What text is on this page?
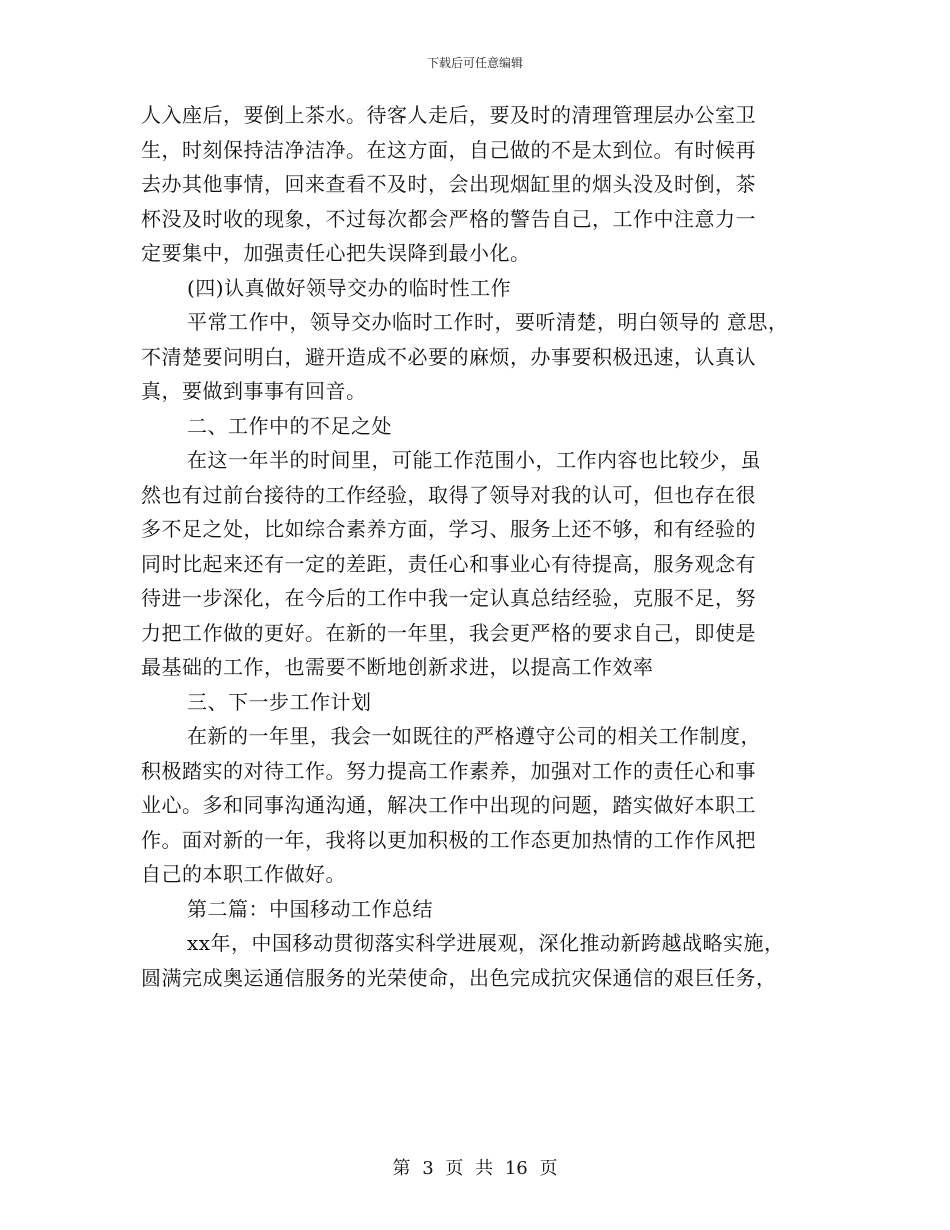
下载后可任意编辑
人入座后，要倒上茶水。待客人走后，要及时的清理管理层办公室卫
生，时刻保持洁净洁净。在这方面，自己做的不是太到位。有时候再
去办其他事情，回来查看不及时，会出现烟缸里的烟头没及时倒，茶
杯没及时收的现象，不过每次都会严格的警告自己，工作中注意力一
定要集中，加强责任心把失误降到最小化。
(四)认真做好领导交办的临时性工作
平常工作中，领导交办临时工作时，要听清楚，明白领导的 意思，
不清楚要问明白，避开造成不必要的麻烦，办事要积极迅速，认真认
真，要做到事事有回音。
二、工作中的不足之处
在这一年半的时间里，可能工作范围小，工作内容也比较少，虽
然也有过前台接待的工作经验，取得了领导对我的认可，但也存在很
多不足之处，比如综合素养方面，学习、服务上还不够，和有经验的
同时比起来还有一定的差距，责任心和事业心有待提高，服务观念有
待进一步深化，在今后的工作中我一定认真总结经验，克服不足，努
力把工作做的更好。在新的一年里，我会更严格的要求自己，即使是
最基础的工作，也需要不断地创新求进，以提高工作效率
三、下一步工作计划
在新的一年里，我会一如既往的严格遵守公司的相关工作制度，
积极踏实的对待工作。努力提高工作素养，加强对工作的责任心和事
业心。多和同事沟通沟通，解决工作中出现的问题，踏实做好本职工
作。面对新的一年，我将以更加积极的工作态更加热情的工作作风把
自己的本职工作做好。
第二篇：中国移动工作总结
xx年，中国移动贯彻落实科学进展观，深化推动新跨越战略实施，
圆满完成奥运通信服务的光荣使命，出色完成抗灾保通信的艰巨任务，
第 3 页 共 16 页
